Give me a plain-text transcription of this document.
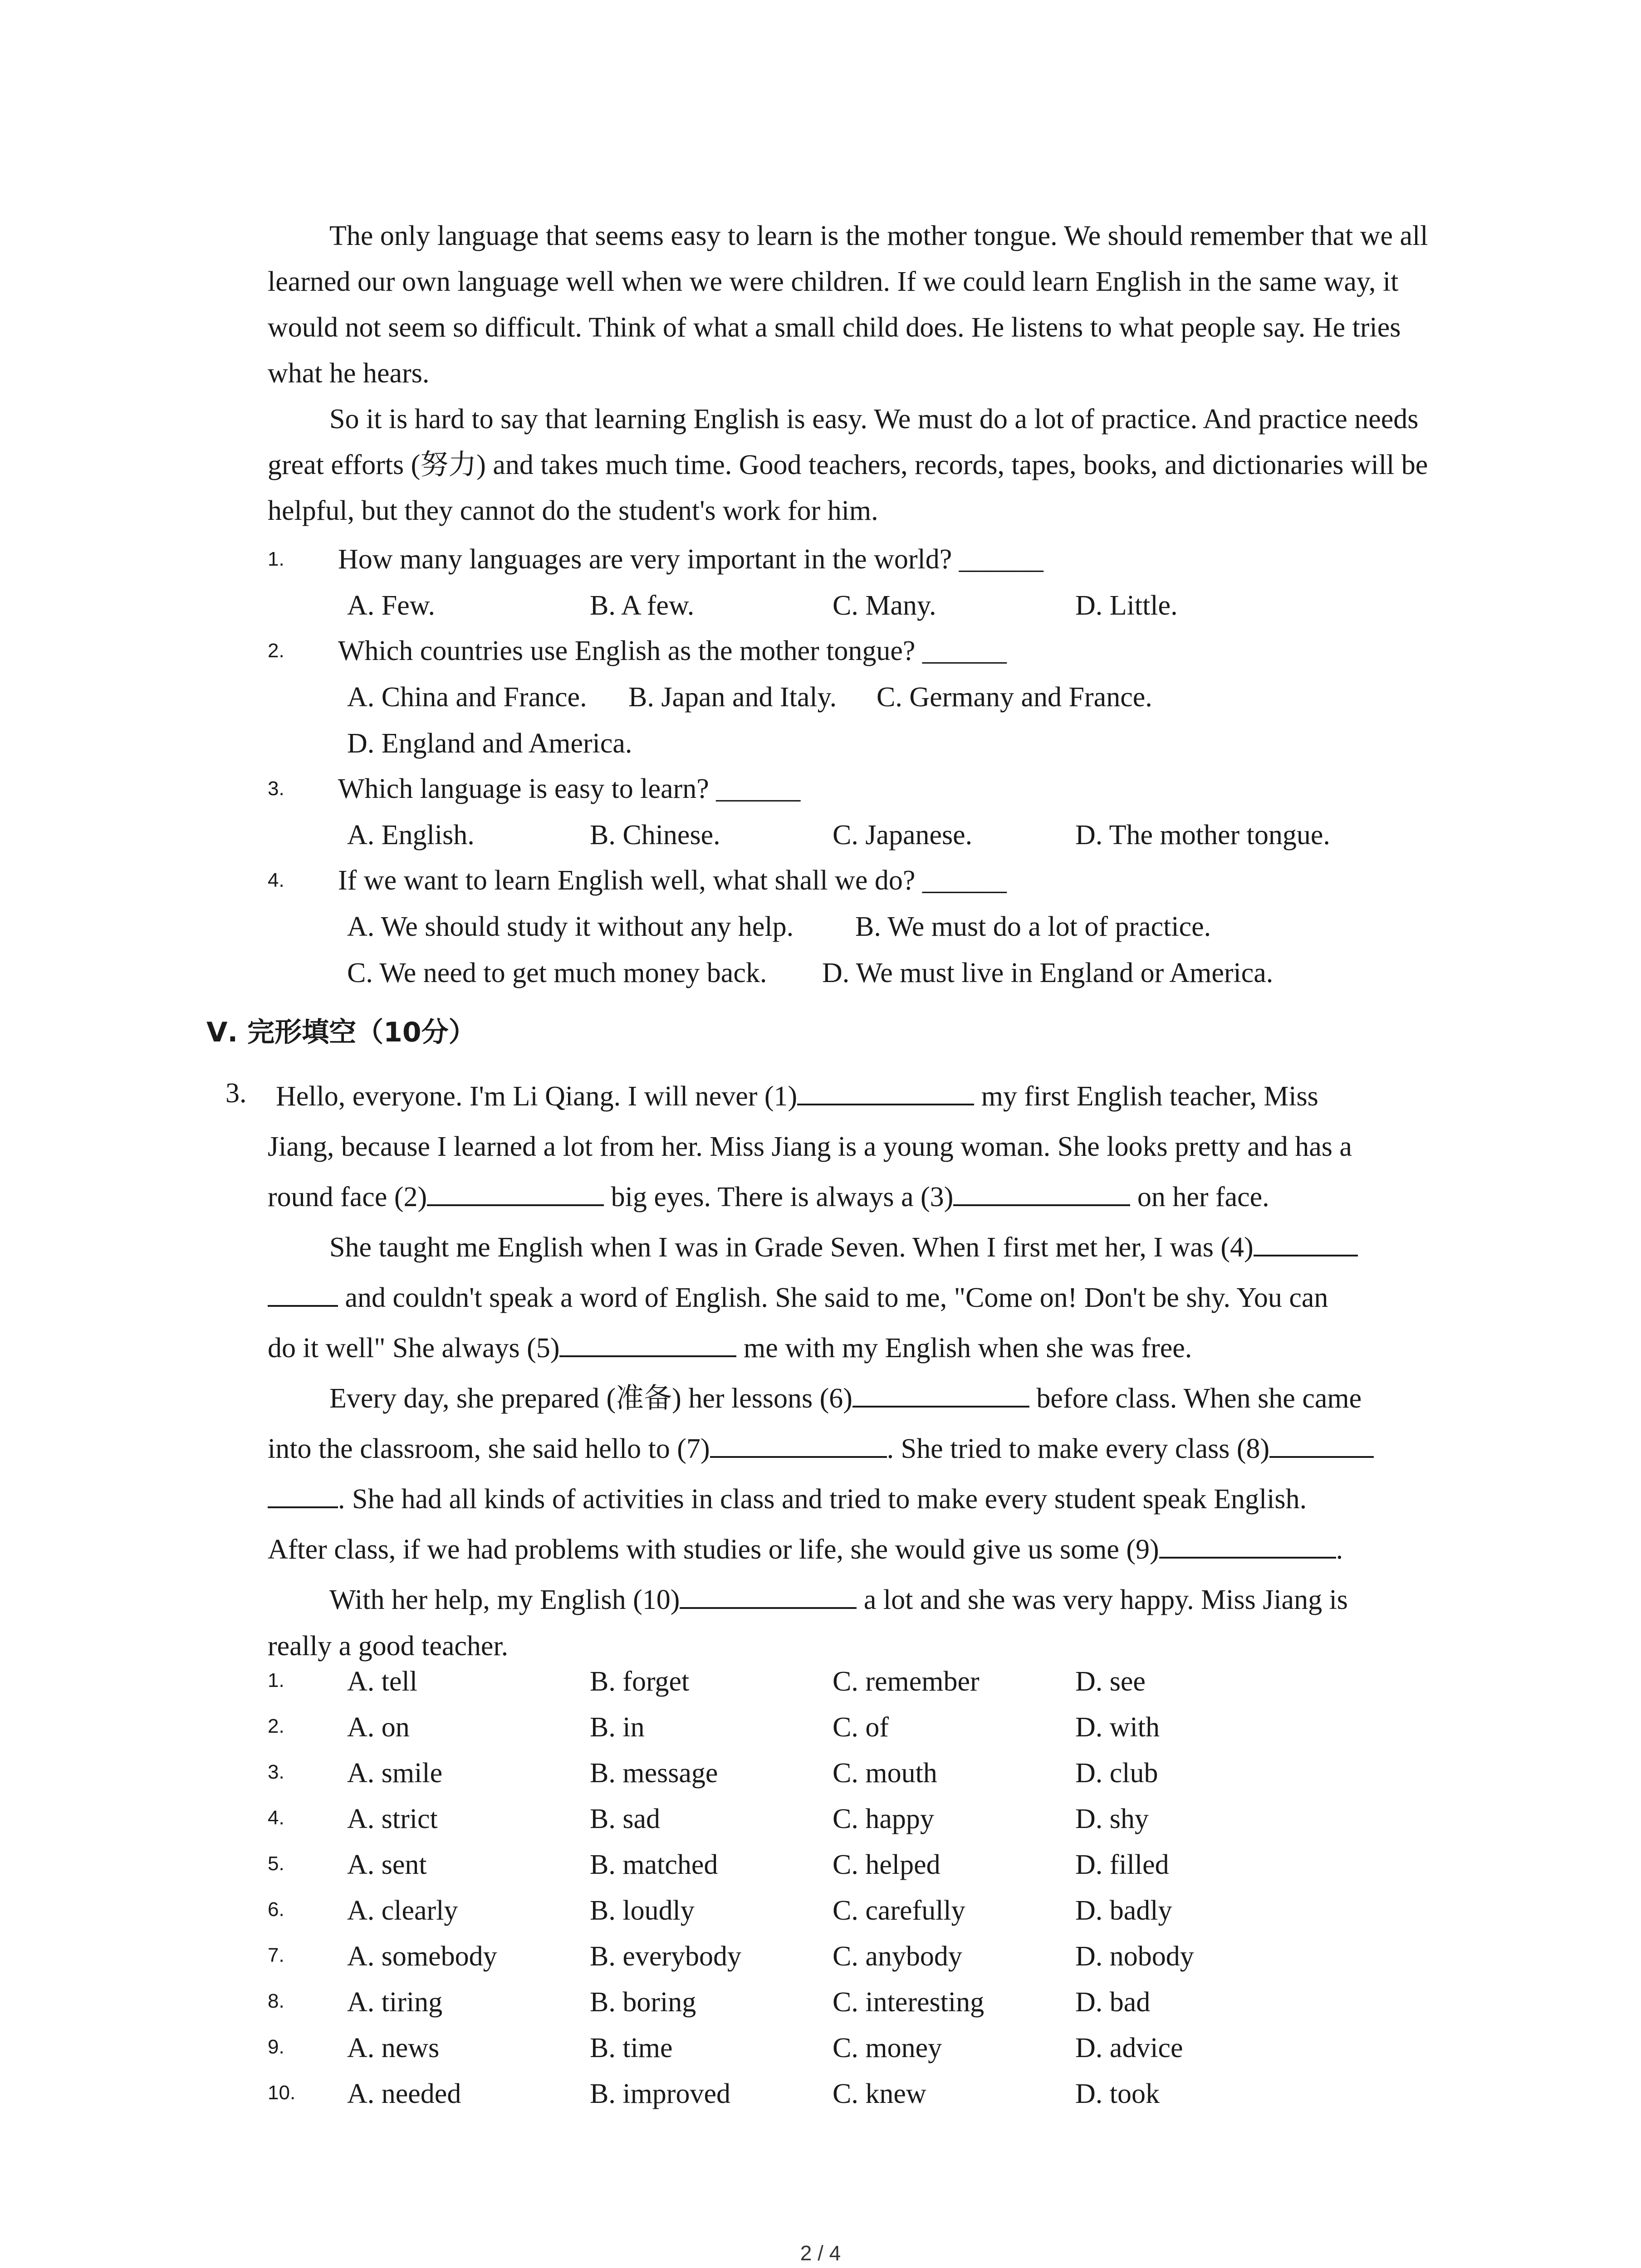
The only language that seems easy to learn is the mother tongue. We should remember that we all learned our own language well when we were children. If we could learn English in the same way, it would not seem so difficult. Think of what a small child does. He listens to what people say. He tries what he hears.

So it is hard to say that learning English is easy. We must do a lot of practice. And practice needs great efforts (努力) and takes much time. Good teachers, records, tapes, books, and dictionaries will be helpful, but they cannot do the student's work for him.

1. How many languages are very important in the world? ______
A. Few.	B. A few.	C. Many.	D. Little.
2. Which countries use English as the mother tongue? ______
A. China and France. B. Japan and Italy. C. Germany and France.
D. England and America.
3. Which language is easy to learn? ______
A. English.	B. Chinese.	C. Japanese.	D. The mother tongue.
4. If we want to learn English well, what shall we do? ______
A. We should study it without any help. B. We must do a lot of practice.
C. We need to get much money back. D. We must live in England or America.
Ⅴ. 完形填空（10分）
3. Hello, everyone. I'm Li Qiang. I will never (1)	my first English teacher, Miss
Jiang, because I learned a lot from her. Miss Jiang is a young woman. She looks pretty and has a
round face (2)	big eyes. There is always a (3)	on her face.
She taught me English when I was in Grade Seven. When I first met her, I was (4)
and couldn't speak a word of English. She said to me, "Come on! Don't be shy. You can
do it well" She always (5)	me with my English when she was free.
Every day, she prepared (准备) her lessons (6)	before class. When she came
into the classroom, she said hello to (7)	. She tried to make every class (8)
. She had all kinds of activities in class and tried to make every student speak English.
After class, if we had problems with studies or life, she would give us some (9)	.
With her help, my English (10)	a lot and she was very happy. Miss Jiang is
really a good teacher.
1. A. tell	B. forget	C. remember	D. see
2. A. on	B. in	C. of	D. with
3. A. smile	B. message	C. mouth	D. club
4. A. strict	B. sad	C. happy	D. shy
5. A. sent	B. matched	C. helped	D. filled
6. A. clearly	B. loudly	C. carefully	D. badly
7. A. somebody	B. everybody	C. anybody	D. nobody
8. A. tiring	B. boring	C. interesting	D. bad
9. A. news	B. time	C. money	D. advice
10. A. needed	B. improved	C. knew	D. took
2 / 4
